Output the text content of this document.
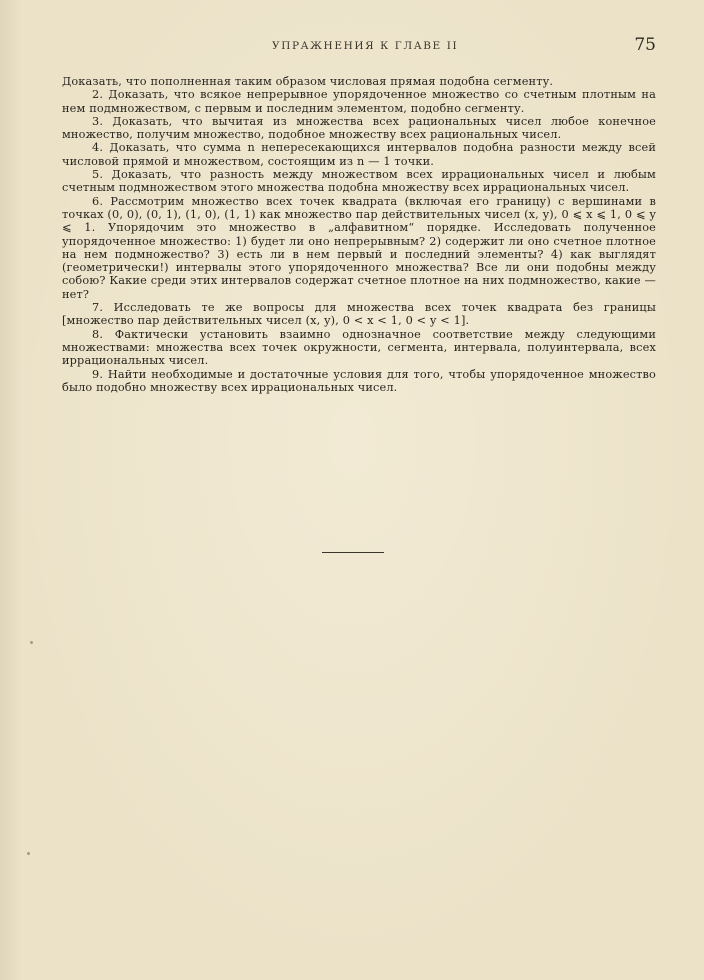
УПРАЖНЕНИЯ К ГЛАВЕ II	75

Доказать, что пополненная таким образом числовая прямая подобна сегменту.

2. Доказать, что всякое непрерывное упорядоченное множество со счетным плотным на нем подмножеством, с первым и последним элементом, подобно сегменту.

3. Доказать, что вычитая из множества всех рациональных чисел любое конечное множество, получим множество, подобное множеству всех рациональных чисел.

4. Доказать, что сумма n непересекающихся интервалов подобна разности между всей числовой прямой и множеством, состоящим из n — 1 точки.

5. Доказать, что разность между множеством всех иррациональных чисел и любым счетным подмножеством этого множества подобна множеству всех иррациональных чисел.

6. Рассмотрим множество всех точек квадрата (включая его границу) с вершинами в точках (0, 0), (0, 1), (1, 0), (1, 1) как множество пар действительных чисел (x, y), 0 ⩽ x ⩽ 1, 0 ⩽ y ⩽ 1. Упорядочим это множество в „алфавитном“ порядке. Исследовать полученное упорядоченное множество: 1) будет ли оно непрерывным? 2) содержит ли оно счетное плотное на нем подмножество? 3) есть ли в нем первый и последний элементы? 4) как выглядят (геометрически!) интервалы этого упорядоченного множества? Все ли они подобны между собою? Какие среди этих интервалов содержат счетное плотное на них подмножество, какие — нет?

7. Исследовать те же вопросы для множества всех точек квадрата без границы [множество пар действительных чисел (x, y), 0 < x < 1, 0 < y < 1].

8. Фактически установить взаимно однозначное соответствие между следующими множествами: множества всех точек окружности, сегмента, интервала, полуинтервала, всех иррациональных чисел.

9. Найти необходимые и достаточные условия для того, чтобы упорядоченное множество было подобно множеству всех иррациональных чисел.
